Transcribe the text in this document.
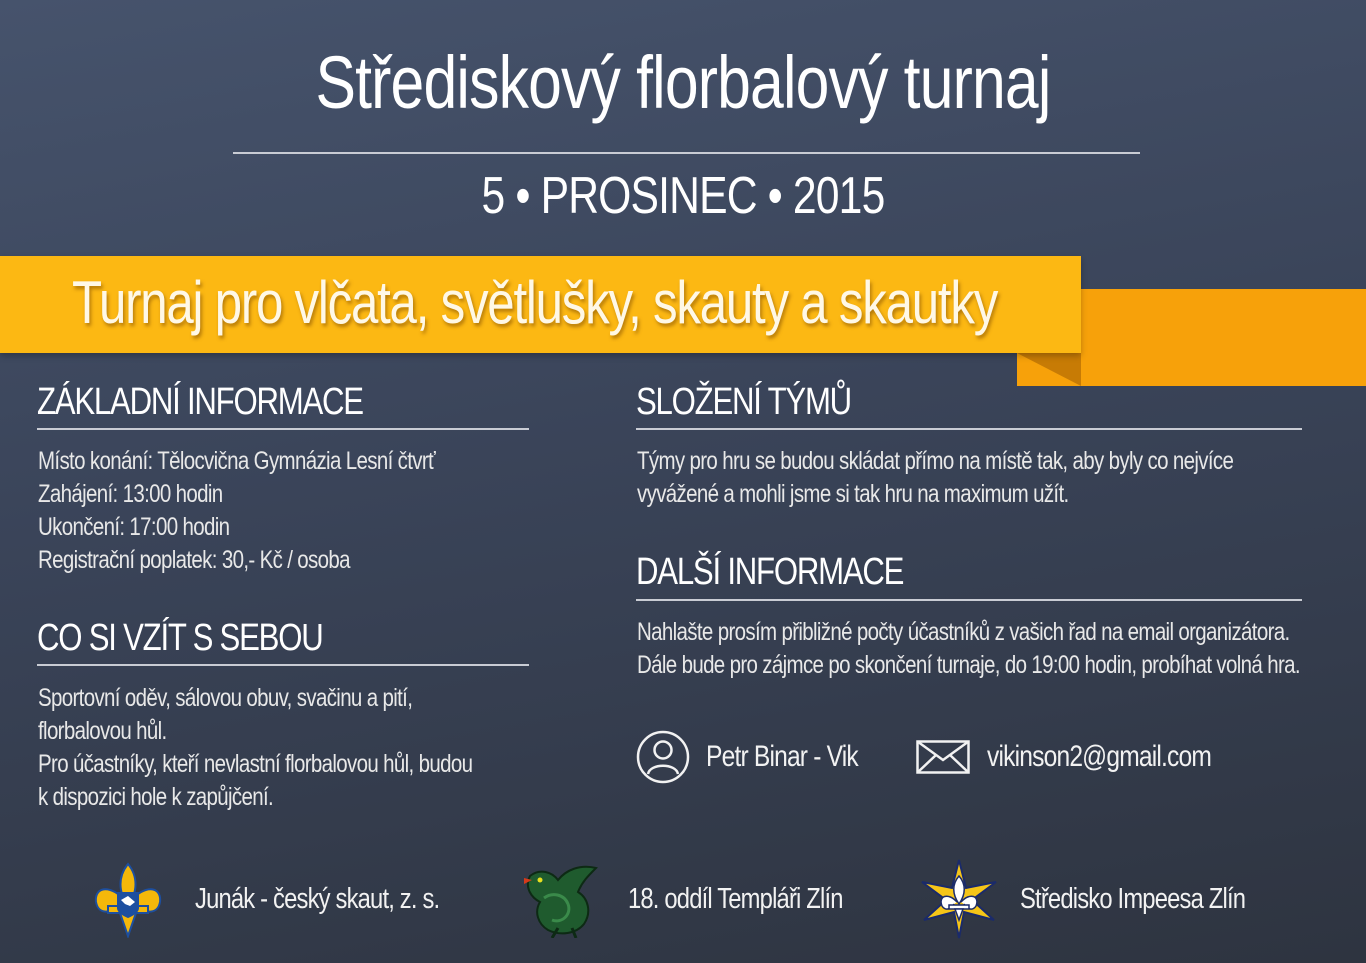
Střediskový florbalový turnaj
5 • PROSINEC • 2015
Turnaj pro vlčata, světlušky, skauty a skautky
ZÁKLADNÍ INFORMACE
Místo konání: Tělocvična Gymnázia Lesní čtvrť
Zahájení: 13:00 hodin
Ukončení: 17:00 hodin
Registrační poplatek: 30,- Kč / osoba
CO SI VZÍT S SEBOU
Sportovní oděv, sálovou obuv, svačinu a pití,
florbalovou hůl.
Pro účastníky, kteří nevlastní florbalovou hůl, budou
k dispozici hole k zapůjčení.
SLOŽENÍ TÝMŮ
Týmy pro hru se budou skládat přímo na místě tak, aby byly co nejvíce
vyvážené a mohli jsme si tak hru na maximum užít.
DALŠÍ INFORMACE
Nahlašte prosím přibližné počty účastníků z vašich řad na email organizátora.
Dále bude pro zájmce po skončení turnaje, do 19:00 hodin, probíhat volná hra.
Petr Binar - Vik	vikinson2@gmail.com
Junák - český skaut, z. s.	18. oddíl Templáři Zlín	Středisko Impeesa Zlín
